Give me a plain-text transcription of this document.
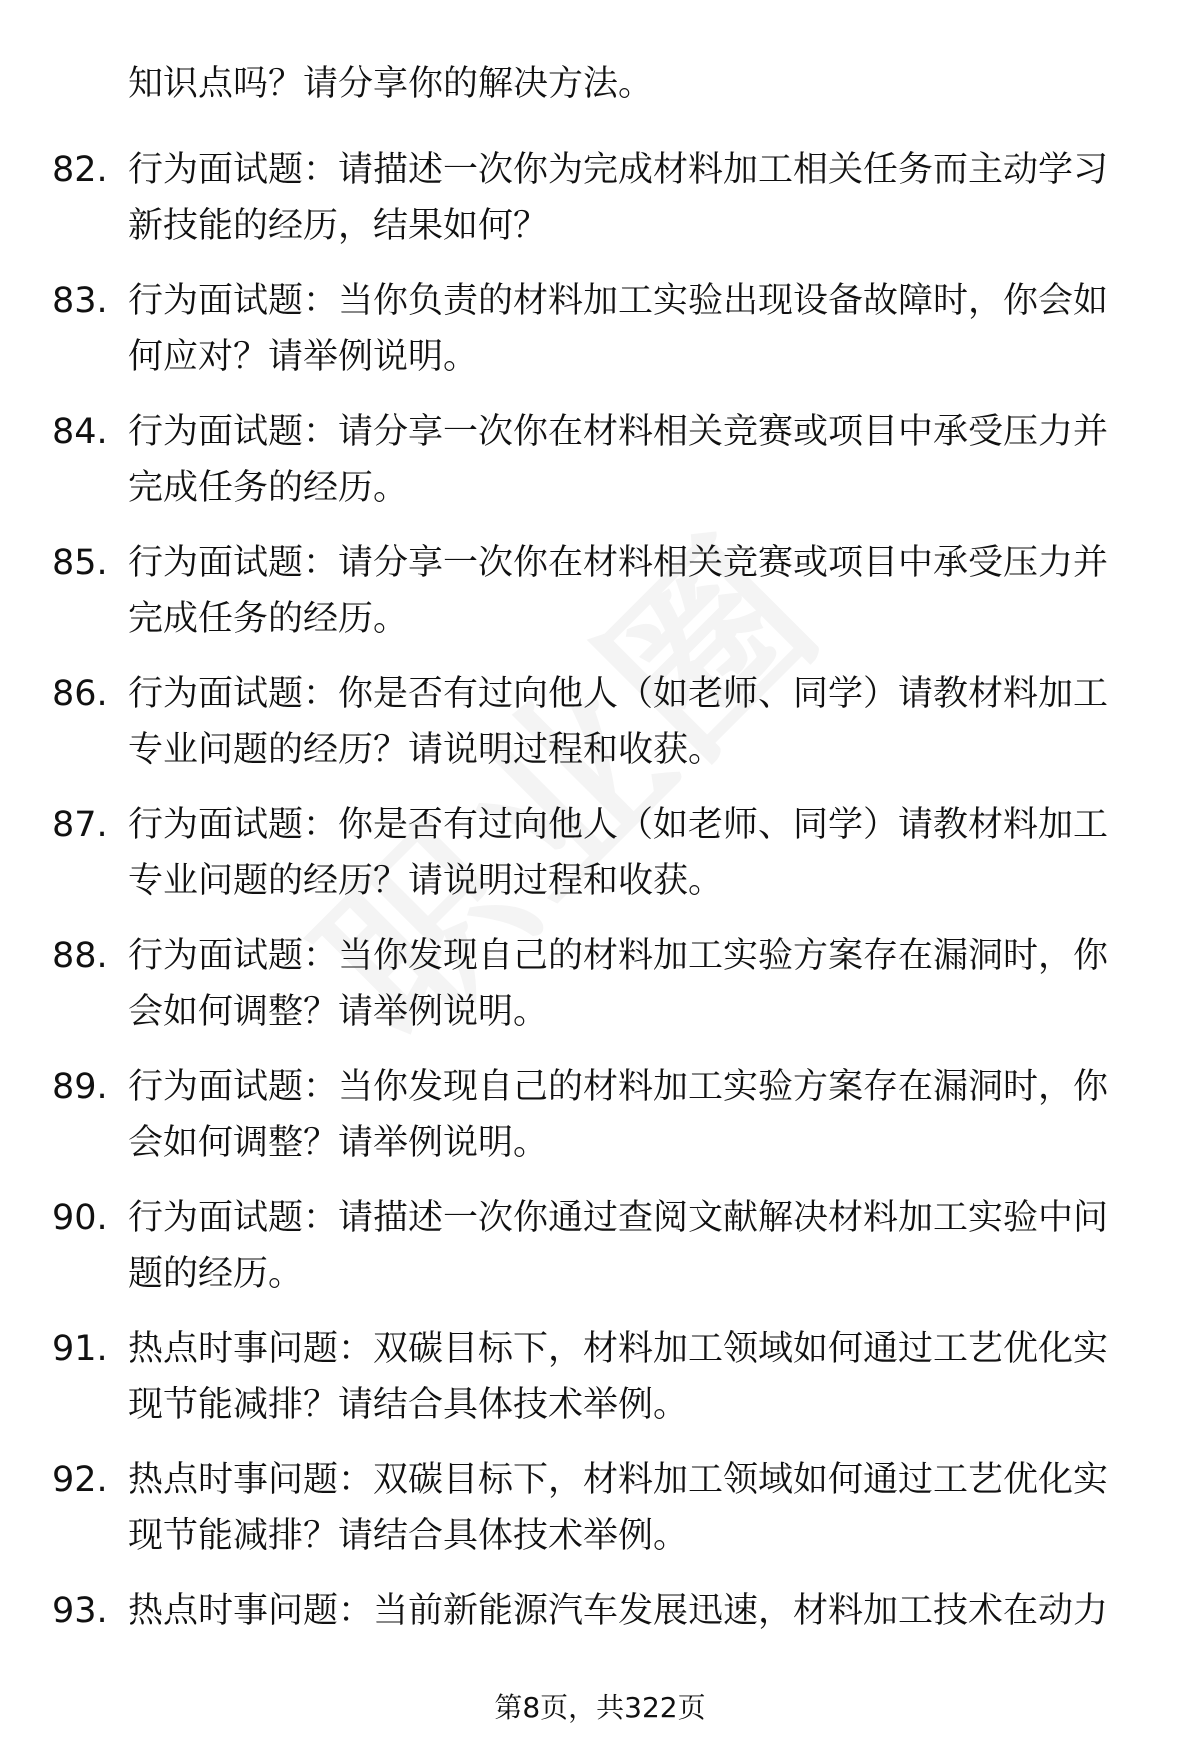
知识点吗？请分享你的解决方法。

82. 行为面试题：请描述一次你为完成材料加工相关任务而主动学习新技能的经历，结果如何？
83. 行为面试题：当你负责的材料加工实验出现设备故障时，你会如何应对？请举例说明。
84. 行为面试题：请分享一次你在材料相关竞赛或项目中承受压力并完成任务的经历。
85. 行为面试题：请分享一次你在材料相关竞赛或项目中承受压力并完成任务的经历。
86. 行为面试题：你是否有过向他人（如老师、同学）请教材料加工专业问题的经历？请说明过程和收获。
87. 行为面试题：你是否有过向他人（如老师、同学）请教材料加工专业问题的经历？请说明过程和收获。
88. 行为面试题：当你发现自己的材料加工实验方案存在漏洞时，你会如何调整？请举例说明。
89. 行为面试题：当你发现自己的材料加工实验方案存在漏洞时，你会如何调整？请举例说明。
90. 行为面试题：请描述一次你通过查阅文献解决材料加工实验中问题的经历。
91. 热点时事问题：双碳目标下，材料加工领域如何通过工艺优化实现节能减排？请结合具体技术举例。
92. 热点时事问题：双碳目标下，材料加工领域如何通过工艺优化实现节能减排？请结合具体技术举例。
93. 热点时事问题：当前新能源汽车发展迅速，材料加工技术在动力
第8页，共322页
